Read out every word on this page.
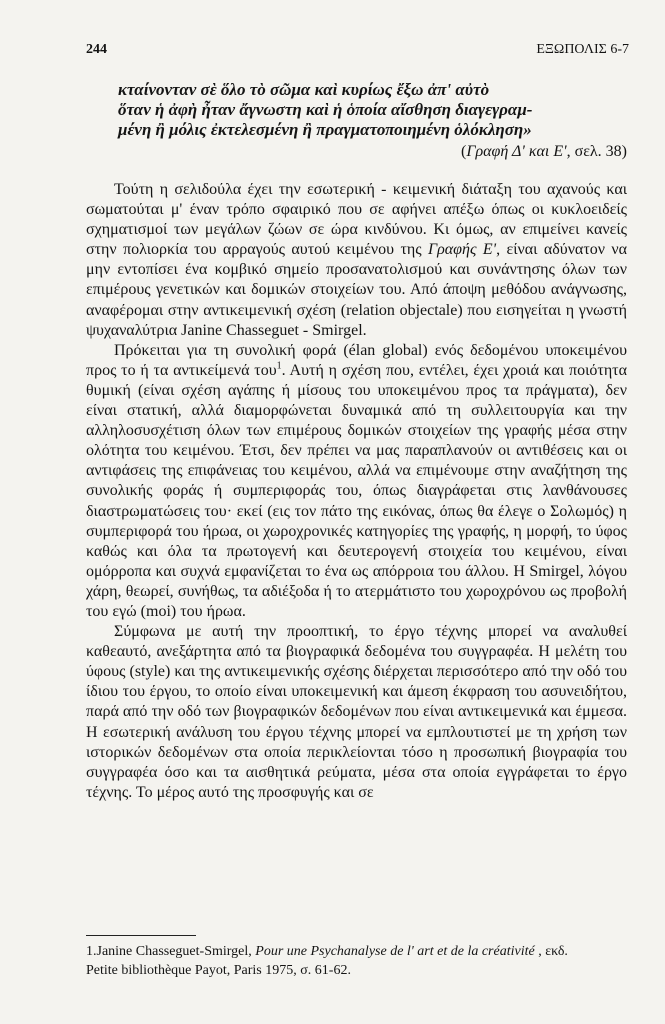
244	ΕΞΩΠΟΛΙΣ 6-7
κταίνονταν σὲ ὅλο τὸ σῶμα καὶ κυρίως ἔξω ἀπ' αὐτὸ
ὅταν ἡ ἀφὴ ἦταν ἄγνωστη καὶ ἡ ὁποία αἴσθηση διαγεγραμ-
μένη ἢ μόλις ἐκτελεσμένη ἢ πραγματοποιημένη ὁλόκληση»
(Γραφή Δ' και Ε', σελ. 38)

Τούτη η σελιδούλα έχει την εσωτερική - κειμενική διάταξη του αχανούς και σωματούται μ' έναν τρόπο σφαιρικό που σε αφήνει απέξω όπως οι κυκλοειδείς σχηματισμοί των μεγάλων ζώων σε ώρα κινδύνου. Κι όμως, αν επιμείνει κανείς στην πολιορκία του αρραγούς αυτού κειμένου της Γραφής Ε', είναι αδύνατον να μην εντοπίσει ένα κομβικό σημείο προσανατολισμού και συνάντησης όλων των επιμέρους γενετικών και δομικών στοιχείων του. Από άποψη μεθόδου ανάγνωσης, αναφέρομαι στην αντικειμενική σχέση (relation objectale) που εισηγείται η γνωστή ψυχαναλύτρια Janine Chasseguet - Smirgel.

Πρόκειται για τη συνολική φορά (élan global) ενός δεδομένου υποκειμένου προς το ή τα αντικείμενά του$^1$. Αυτή η σχέση που, εντέλει, έχει χροιά και ποιότητα θυμική (είναι σχέση αγάπης ή μίσους του υποκειμένου προς τα πράγματα), δεν είναι στατική, αλλά διαμορφώνεται δυναμικά από τη συλλειτουργία και την αλληλοσυσχέτιση όλων των επιμέρους δομικών στοιχείων της γραφής μέσα στην ολότητα του κειμένου. Έτσι, δεν πρέπει να μας παραπλανούν οι αντιθέσεις και οι αντιφάσεις της επιφάνειας του κειμένου, αλλά να επιμένουμε στην αναζήτηση της συνολικής φοράς ή συμπεριφοράς του, όπως διαγράφεται στις λανθάνουσες διαστρωματώσεις του· εκεί (εις τον πάτο της εικόνας, όπως θα έλεγε ο Σολωμός) η συμπεριφορά του ήρωα, οι χωροχρονικές κατηγορίες της γραφής, η μορφή, το ύφος καθώς και όλα τα πρωτογενή και δευτερογενή στοιχεία του κειμένου, είναι ομόρροπα και συχνά εμφανίζεται το ένα ως απόρροια του άλλου. Η Smirgel, λόγου χάρη, θεωρεί, συνήθως, τα αδιέξοδα ή το ατερμάτιστο του χωροχρόνου ως προβολή του εγώ (moi) του ήρωα.

Σύμφωνα με αυτή την προοπτική, το έργο τέχνης μπορεί να αναλυθεί καθεαυτό, ανεξάρτητα από τα βιογραφικά δεδομένα του συγγραφέα. Η μελέτη του ύφους (style) και της αντικειμενικής σχέσης διέρχεται περισσότερο από την οδό του ίδιου του έργου, το οποίο είναι υποκειμενική και άμεση έκφραση του ασυνειδήτου, παρά από την οδό των βιογραφικών δεδομένων που είναι αντικειμενικά και έμμεσα. Η εσωτερική ανάλυση του έργου τέχνης μπορεί να εμπλουτιστεί με τη χρήση των ιστορικών δεδομένων στα οποία περικλείονται τόσο η προσωπική βιογραφία του συγγραφέα όσο και τα αισθητικά ρεύματα, μέσα στα οποία εγγράφεται το έργο τέχνης. Το μέρος αυτό της προσφυγής και σε

1.Janine Chasseguet-Smirgel, Pour une Psychanalyse de l' art et de la créativité , εκδ.
Petite bibliothèque Payot, Paris 1975, σ. 61-62.
